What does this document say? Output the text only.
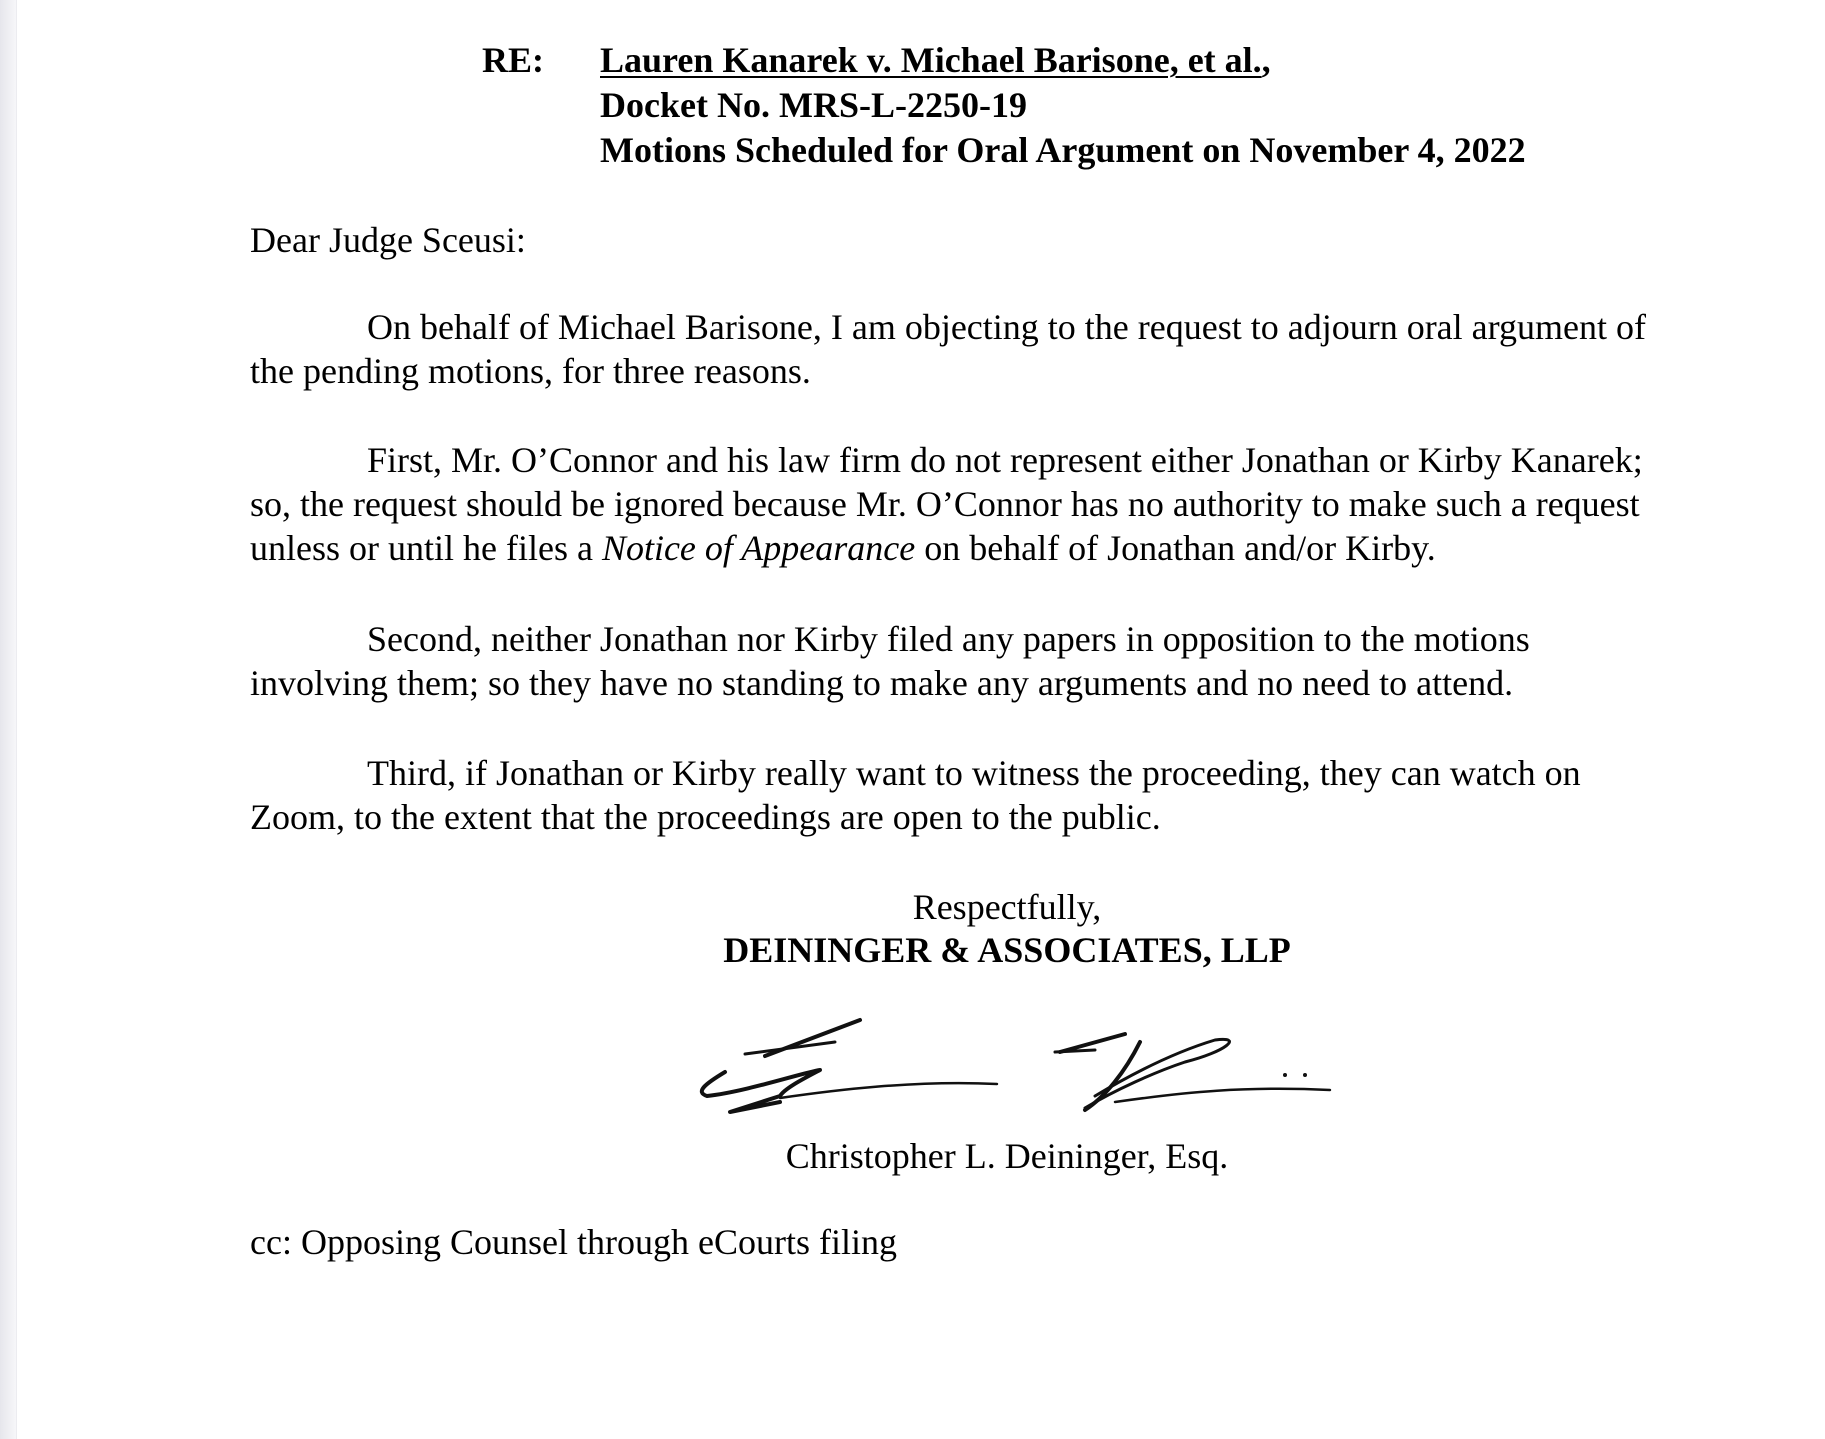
RE: Lauren Kanarek v. Michael Barisone, et al.,
Docket No. MRS-L-2250-19
Motions Scheduled for Oral Argument on November 4, 2022
Dear Judge Sceusi:
On behalf of Michael Barisone, I am objecting to the request to adjourn oral argument of
the pending motions, for three reasons.
First, Mr. O’Connor and his law firm do not represent either Jonathan or Kirby Kanarek;
so, the request should be ignored because Mr. O’Connor has no authority to make such a request
unless or until he files a Notice of Appearance on behalf of Jonathan and/or Kirby.
Second, neither Jonathan nor Kirby filed any papers in opposition to the motions
involving them; so they have no standing to make any arguments and no need to attend.
Third, if Jonathan or Kirby really want to witness the proceeding, they can watch on
Zoom, to the extent that the proceedings are open to the public.
Respectfully,
DEININGER & ASSOCIATES, LLP
Christopher L. Deininger, Esq.
cc: Opposing Counsel through eCourts filing
